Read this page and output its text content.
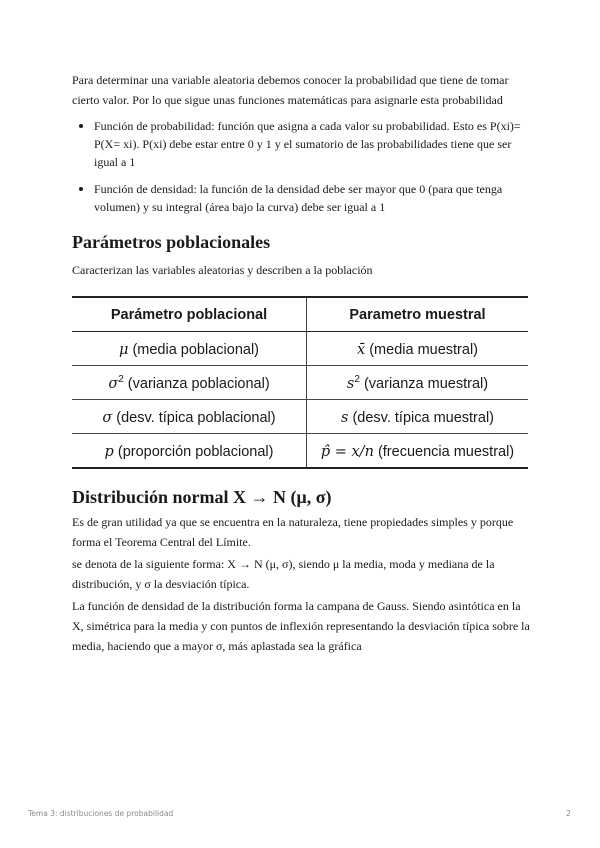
Para determinar una variable aleatoria debemos conocer la probabilidad que tiene de tomar cierto valor. Por lo que sigue unas funciones matemáticas para asignarle esta probabilidad

Función de probabilidad: función que asigna a cada valor su probabilidad. Esto es P(xi)= P(X= xi). P(xi) debe estar entre 0 y 1 y el sumatorio de las probabilidades tiene que ser igual a 1
Función de densidad: la función de la densidad debe ser mayor que 0 (para que tenga volumen) y su integral (área bajo la curva) debe ser igual a 1
Parámetros poblacionales

Caracterizan las variables aleatorias y describen a la población

Parámetro poblacional	Parametro muestral
μ (media poblacional)	x̄ (media muestral)
$\sigma^2$ (varianza poblacional)	$s^2$ (varianza muestral)
σ (desv. típica poblacional)	s (desv. típica muestral)
p (proporción poblacional)	p̂ = x/n (frecuencia muestral)
Distribución normal X → N (μ, σ)

Es de gran utilidad ya que se encuentra en la naturaleza, tiene propiedades simples y porque forma el Teorema Central del Límite.

se denota de la siguiente forma: X → N (μ, σ), siendo μ la media, moda y mediana de la distribución, y σ la desviación típica.

La función de densidad de la distribución forma la campana de Gauss. Siendo asintótica en la X, simétrica para la media y con puntos de inflexión representando la desviación típica sobre la media, haciendo que a mayor σ, más aplastada sea la gráfica

Tema 3: distribuciones de probabilidad	2
